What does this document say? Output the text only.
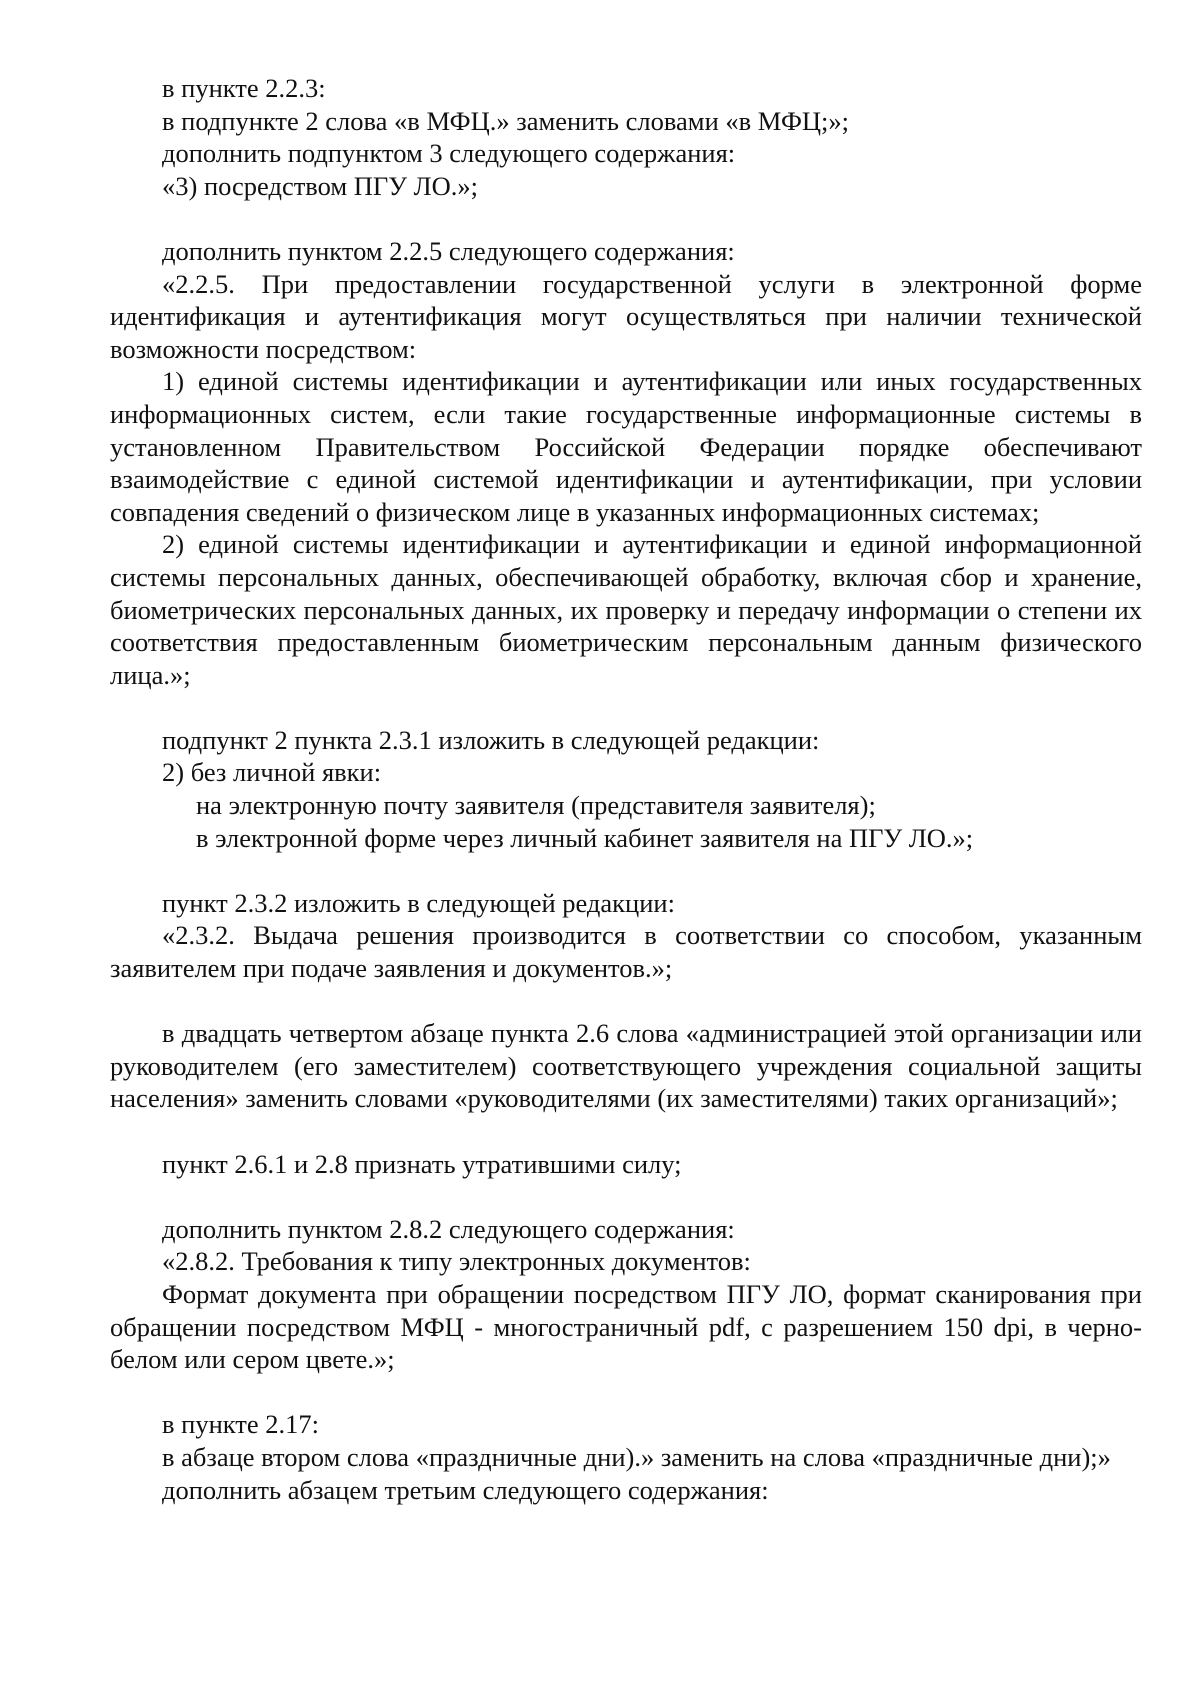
в пункте 2.2.3:

в подпункте 2 слова «в МФЦ.» заменить словами «в МФЦ;»;

дополнить подпунктом 3 следующего содержания:

«3) посредством ПГУ ЛО.»;

дополнить пунктом 2.2.5 следующего содержания:

«2.2.5. При предоставлении государственной услуги в электронной форме идентификация и аутентификация могут осуществляться при наличии технической возможности посредством:

1) единой системы идентификации и аутентификации или иных государственных информационных систем, если такие государственные информационные системы в установленном Правительством Российской Федерации порядке обеспечивают взаимодействие с единой системой идентификации и аутентификации, при условии совпадения сведений о физическом лице в указанных информационных системах;

2) единой системы идентификации и аутентификации и единой информационной системы персональных данных, обеспечивающей обработку, включая сбор и хранение, биометрических персональных данных, их проверку и передачу информации о степени их соответствия предоставленным биометрическим персональным данным физического лица.»;

подпункт 2 пункта 2.3.1 изложить в следующей редакции:

2) без личной явки:

на электронную почту заявителя (представителя заявителя);

в электронной форме через личный кабинет заявителя на ПГУ ЛО.»;

пункт 2.3.2 изложить в следующей редакции:

«2.3.2. Выдача решения производится в соответствии со способом, указанным заявителем при подаче заявления и документов.»;

в двадцать четвертом абзаце пункта 2.6 слова «администрацией этой организации или руководителем (его заместителем) соответствующего учреждения социальной защиты населения» заменить словами «руководителями (их заместителями) таких организаций»;

пункт 2.6.1 и 2.8 признать утратившими силу;

дополнить пунктом 2.8.2 следующего содержания:

«2.8.2. Требования к типу электронных документов:

Формат документа при обращении посредством ПГУ ЛО, формат сканирования при обращении посредством МФЦ - многостраничный pdf, с разрешением 150 dpi, в черно-белом или сером цвете.»;

в пункте 2.17:

в абзаце втором слова «праздничные дни).» заменить на слова «праздничные дни);»

дополнить абзацем третьим следующего содержания:
